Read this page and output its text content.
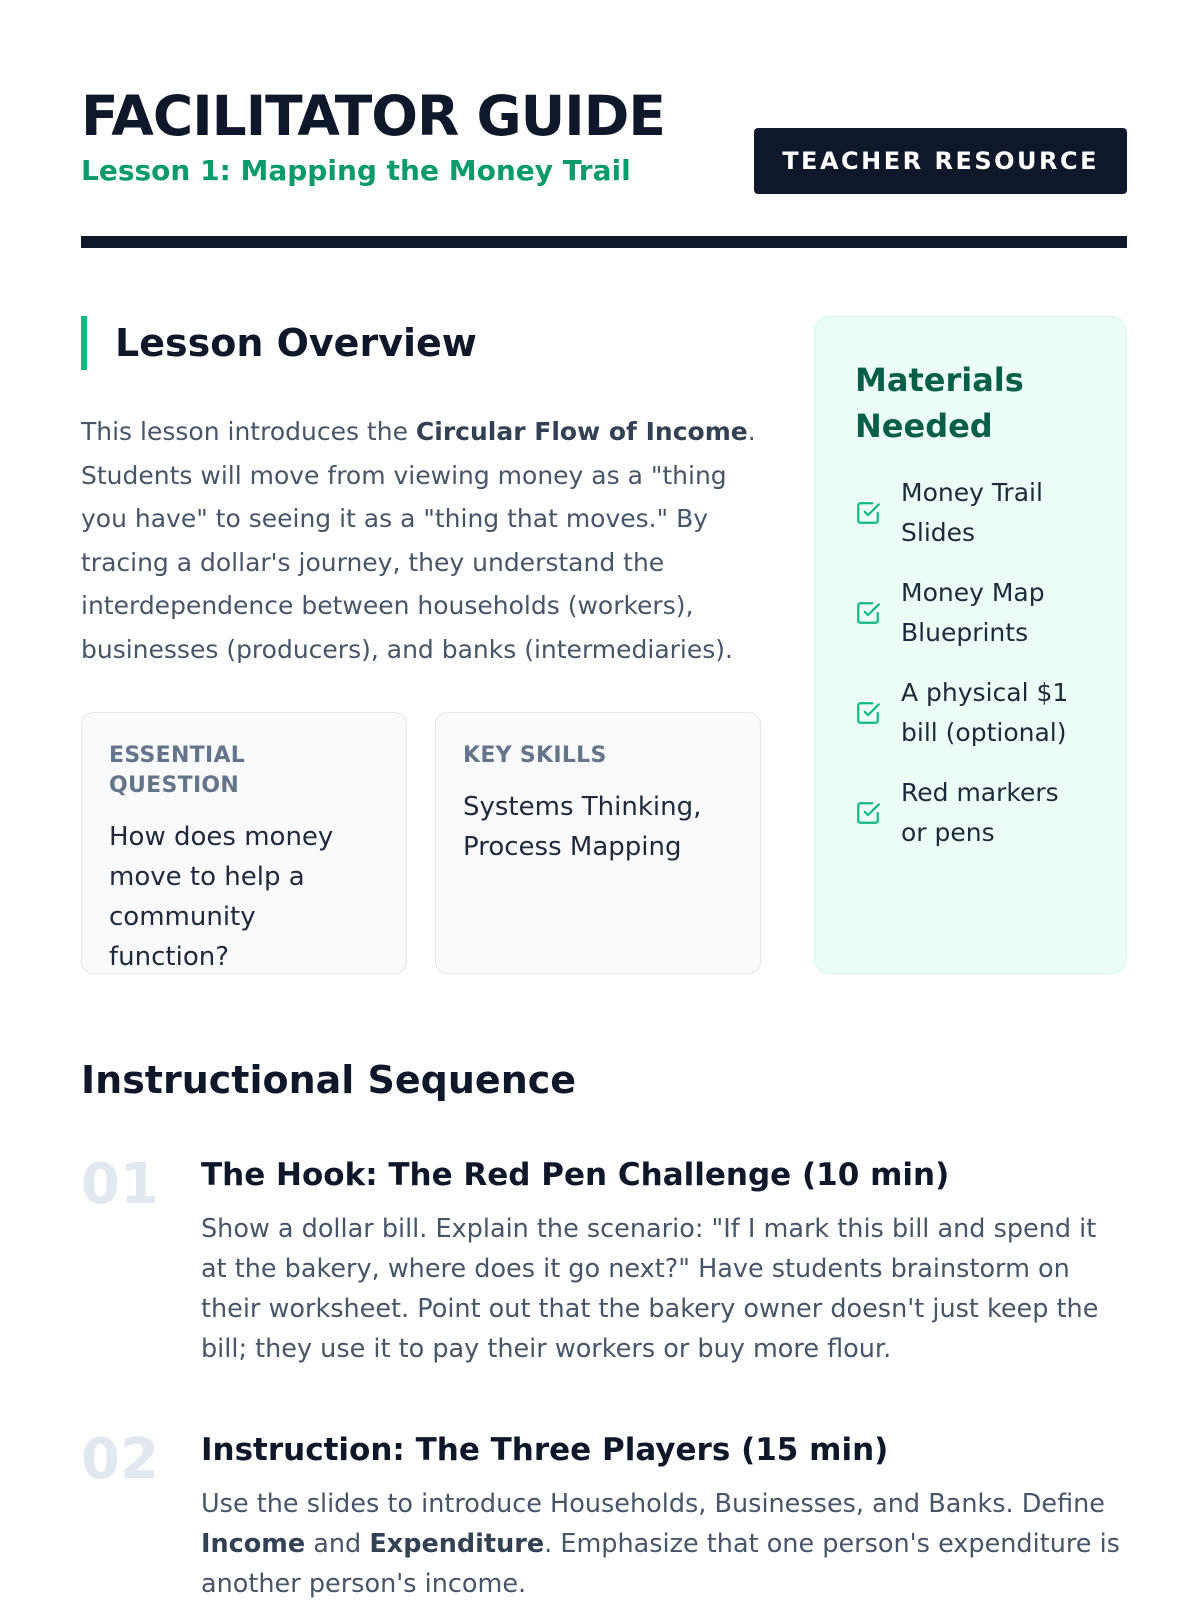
FACILITATOR GUIDE
Lesson 1: Mapping the Money Trail	TEACHER RESOURCE
Lesson Overview

This lesson introduces the Circular Flow of Income. Students will move from viewing money as a "thing you have" to seeing it as a "thing that moves." By tracing a dollar's journey, they understand the interdependence between households (workers), businesses (producers), and banks (intermediaries).

ESSENTIAL QUESTION
How does money move to help a community function?
KEY SKILLS
Systems Thinking, Process Mapping
Materials Needed
Money Trail Slides
Money Map Blueprints
A physical $1 bill (optional)
Red markers or pens
Instructional Sequence
01 The Hook: The Red Pen Challenge (10 min)

Show a dollar bill. Explain the scenario: "If I mark this bill and spend it at the bakery, where does it go next?" Have students brainstorm on their worksheet. Point out that the bakery owner doesn't just keep the bill; they use it to pay their workers or buy more flour.

02 Instruction: The Three Players (15 min)

Use the slides to introduce Households, Businesses, and Banks. Define Income and Expenditure. Emphasize that one person's expenditure is another person's income.
